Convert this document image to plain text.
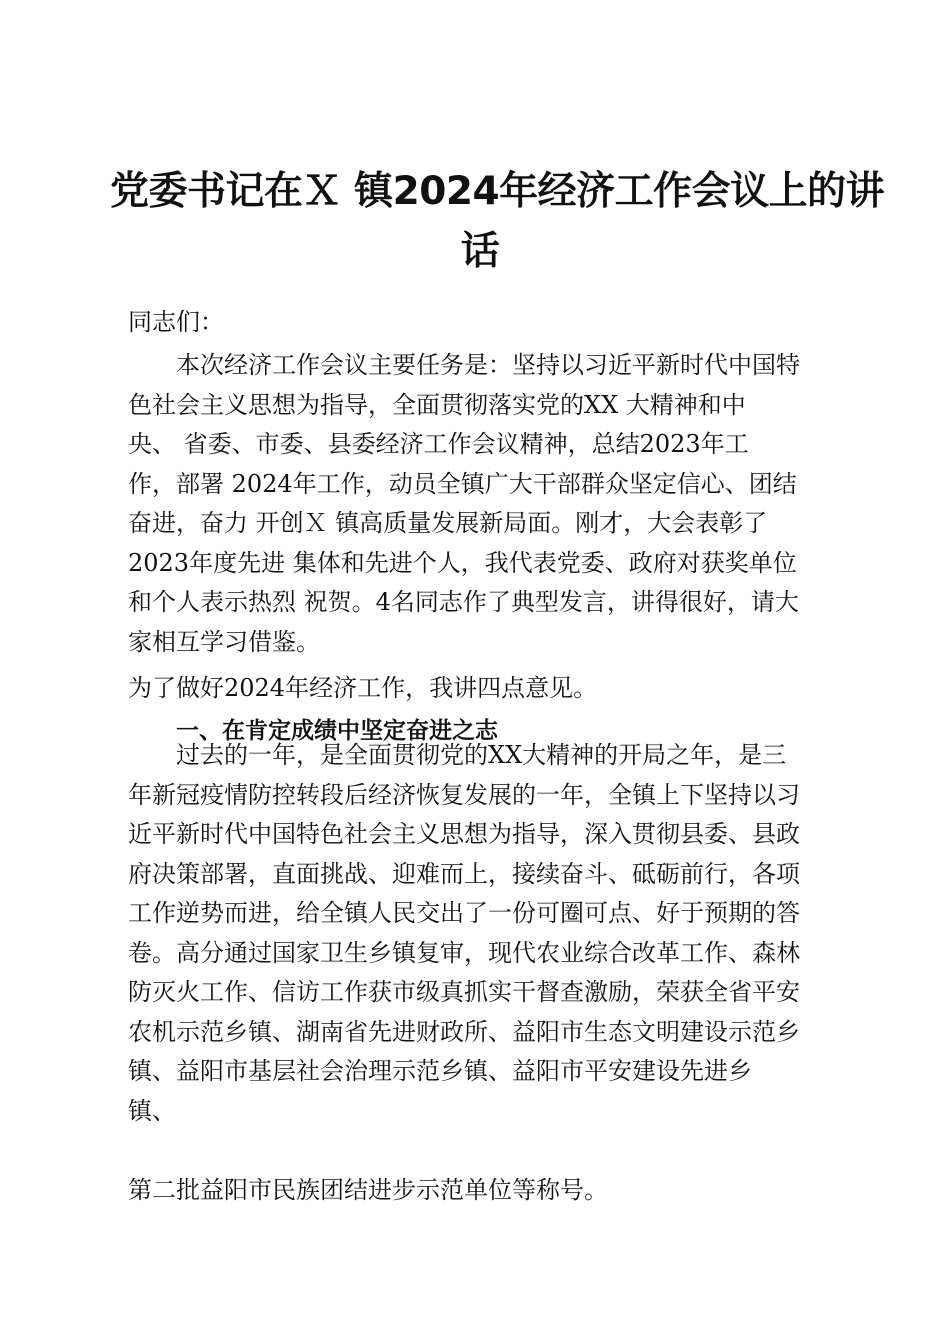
党委书记在Ｘ 镇2024年经济工作会议上的讲
话

同志们：

本次经济工作会议主要任务是：坚持以习近平新时代中国特
色社会主义思想为指导，全面贯彻落实党的XX 大精神和中
央、 省委、市委、县委经济工作会议精神，总结2023年工
作，部署 2024年工作，动员全镇广大干部群众坚定信心、团结
奋进，奋力 开创Ｘ 镇高质量发展新局面。刚才，大会表彰了
2023年度先进 集体和先进个人，我代表党委、政府对获奖单位
和个人表示热烈 祝贺。4名同志作了典型发言，讲得很好，请大
家相互学习借鉴。

为了做好2024年经济工作，我讲四点意见。

一、在肯定成绩中坚定奋进之志

过去的一年，是全面贯彻党的XX大精神的开局之年，是三
年新冠疫情防控转段后经济恢复发展的一年，全镇上下坚持以习
近平新时代中国特色社会主义思想为指导，深入贯彻县委、县政
府决策部署，直面挑战、迎难而上，接续奋斗、砥砺前行，各项
工作逆势而进，给全镇人民交出了一份可圈可点、好于预期的答
卷。高分通过国家卫生乡镇复审，现代农业综合改革工作、森林
防灭火工作、信访工作获市级真抓实干督查激励，荣获全省平安
农机示范乡镇、湖南省先进财政所、益阳市生态文明建设示范乡
镇、益阳市基层社会治理示范乡镇、益阳市平安建设先进乡
镇、

第二批益阳市民族团结进步示范单位等称号。
